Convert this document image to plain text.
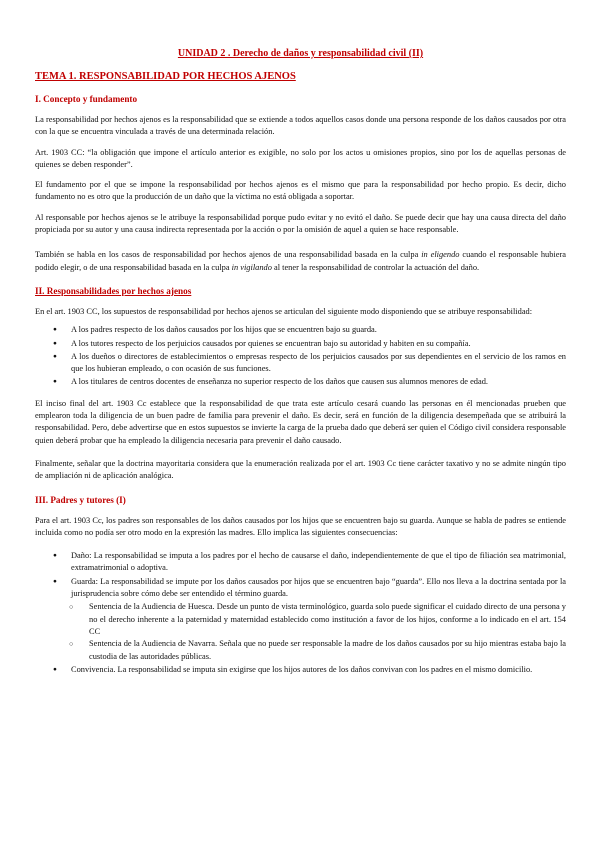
UNIDAD 2 . Derecho de daños y responsabilidad civil (II)
TEMA 1. RESPONSABILIDAD POR HECHOS AJENOS
I. Concepto y fundamento

La responsabilidad por hechos ajenos es la responsabilidad que se extiende a todos aquellos casos donde una persona responde de los daños causados por otra con la que se encuentra vinculada a través de una determinada relación.

Art. 1903 CC: “la obligación que impone el artículo anterior es exigible, no solo por los actos u omisiones propios, sino por los de aquellas personas de quienes se deben responder”.

El fundamento por el que se impone la responsabilidad por hechos ajenos es el mismo que para la responsabilidad por hecho propio. Es decir, dicho fundamento no es otro que la producción de un daño que la víctima no está obligada a soportar.

Al responsable por hechos ajenos se le atribuye la responsabilidad porque pudo evitar y no evitó el daño. Se puede decir que hay una causa directa del daño propiciada por su autor y una causa indirecta representada por la acción o por la omisión de aquel a quien se hace responsable.

También se habla en los casos de responsabilidad por hechos ajenos de una responsabilidad basada en la culpa in eligendo cuando el responsable hubiera podido elegir, o de una responsabilidad basada en la culpa in vigilando al tener la responsabilidad de controlar la actuación del daño.

II. Responsabilidades por hechos ajenos

En el art. 1903 CC, los supuestos de responsabilidad por hechos ajenos se articulan del siguiente modo disponiendo que se atribuye responsabilidad:

● A los padres respecto de los daños causados por los hijos que se encuentren bajo su guarda.
● A los tutores respecto de los perjuicios causados por quienes se encuentran bajo su autoridad y habiten en su compañía.
● A los dueños o directores de establecimientos o empresas respecto de los perjuicios causados por sus dependientes en el servicio de los ramos en que los hubieran empleado, o con ocasión de sus funciones.
● A los titulares de centros docentes de enseñanza no superior respecto de los daños que causen sus alumnos menores de edad.

El inciso final del art. 1903 Cc establece que la responsabilidad de que trata este artículo cesará cuando las personas en él mencionadas prueben que emplearon toda la diligencia de un buen padre de familia para prevenir el daño. Es decir, será en función de la diligencia desempeñada que se atribuirá la responsabilidad. Pero, debe advertirse que en estos supuestos se invierte la carga de la prueba dado que deberá ser quien el Código civil considera responsable quien deberá probar que ha empleado la diligencia necesaria para prevenir el daño causado.

Finalmente, señalar que la doctrina mayoritaria considera que la enumeración realizada por el art. 1903 Cc tiene carácter taxativo y no se admite ningún tipo de ampliación ni de aplicación analógica.

III. Padres y tutores (I)

Para el art. 1903 Cc, los padres son responsables de los daños causados por los hijos que se encuentren bajo su guarda. Aunque se habla de padres se entiende incluida como no podía ser otro modo en la expresión las madres. Ello implica las siguientes consecuencias:

● Daño: La responsabilidad se imputa a los padres por el hecho de causarse el daño, independientemente de que el tipo de filiación sea matrimonial, extramatrimonial o adoptiva.
● Guarda: La responsabilidad se impute por los daños causados por hijos que se encuentren bajo “guarda”. Ello nos lleva a la doctrina sentada por la jurisprudencia sobre cómo debe ser entendido el término guarda.
○ Sentencia de la Audiencia de Huesca. Desde un punto de vista terminológico, guarda solo puede significar el cuidado directo de una persona y no el derecho inherente a la paternidad y maternidad establecido como institución a favor de los hijos, conforme a lo indicado en el art. 154 CC
○ Sentencia de la Audiencia de Navarra. Señala que no puede ser responsable la madre de los daños causados por su hijo mientras estaba bajo la custodia de las autoridades públicas.
● Convivencia. La responsabilidad se imputa sin exigirse que los hijos autores de los daños convivan con los padres en el mismo domicilio.
